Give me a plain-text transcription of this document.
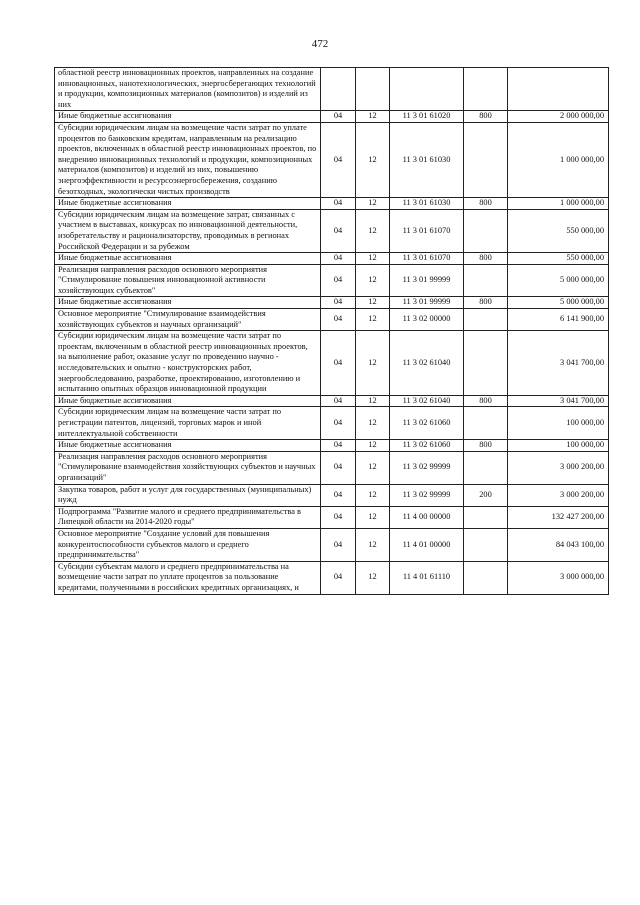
472
областной реестр инновационных проектов, направленных на создание инновационных, нанотехнологических, энергосберегающих технологий и продукции, композиционных материалов (композитов) и изделий из них					
Иные бюджетные ассигнования	04	12	11 3 01 61020	800	2 000 000,00
Субсидии юридическим лицам на возмещение части затрат по уплате процентов по банковским кредитам, направленным на реализацию проектов, включенных в областной реестр инновационных проектов, по внедрению инновационных технологий и продукции, композиционных материалов (композитов) и изделий из них, повышению энергоэффективности и ресурсоэнергосбережения, созданию безотходных, экологически чистых производств	04	12	11 3 01 61030		1 000 000,00
Иные бюджетные ассигнования	04	12	11 3 01 61030	800	1 000 000,00
Субсидии юридическим лицам на возмещение затрат, связанных с участием в выставках, конкурсах по инновационной деятельности, изобретательству и рационализаторству, проводимых в регионах Российской Федерации и за рубежом	04	12	11 3 01 61070		550 000,00
Иные бюджетные ассигнования	04	12	11 3 01 61070	800	550 000,00
Реализация направления расходов основного мероприятия "Стимулирование повышения инновационной активности хозяйствующих субъектов"	04	12	11 3 01 99999		5 000 000,00
Иные бюджетные ассигнования	04	12	11 3 01 99999	800	5 000 000,00
Основное мероприятие "Стимулирование взаимодействия хозяйствующих субъектов и научных организаций"	04	12	11 3 02 00000		6 141 900,00
Субсидии юридическим лицам на возмещение части затрат по проектам, включенным в областной реестр инновационных проектов, на выполнение работ, оказание услуг по проведению научно - исследовательских и опытно - конструкторских работ, энергообследованию, разработке, проектированию, изготовлению и испытанию опытных образцов инновационной продукции	04	12	11 3 02 61040		3 041 700,00
Иные бюджетные ассигнования	04	12	11 3 02 61040	800	3 041 700,00
Субсидии юридическим лицам на возмещение части затрат по регистрации патентов, лицензий, торговых марок и иной интеллектуальной собственности	04	12	11 3 02 61060		100 000,00
Иные бюджетные ассигнования	04	12	11 3 02 61060	800	100 000,00
Реализация направления расходов основного мероприятия "Стимулирование взаимодействия хозяйствующих субъектов и научных организаций"	04	12	11 3 02 99999		3 000 200,00
Закупка товаров, работ и услуг для государственных (муниципальных) нужд	04	12	11 3 02 99999	200	3 000 200,00
Подпрограмма "Развитие малого и среднего предпринимательства в Липецкой области на 2014-2020 годы"	04	12	11 4 00 00000		132 427 200,00
Основное мероприятие "Создание условий для повышения конкурентоспособности субъектов малого и среднего предпринимательства"	04	12	11 4 01 00000		84 043 100,00
Субсидии субъектам малого и среднего предпринимательства на возмещение части затрат по уплате процентов за пользование кредитами, полученными в российских кредитных организациях, и	04	12	11 4 01 61110		3 000 000,00
